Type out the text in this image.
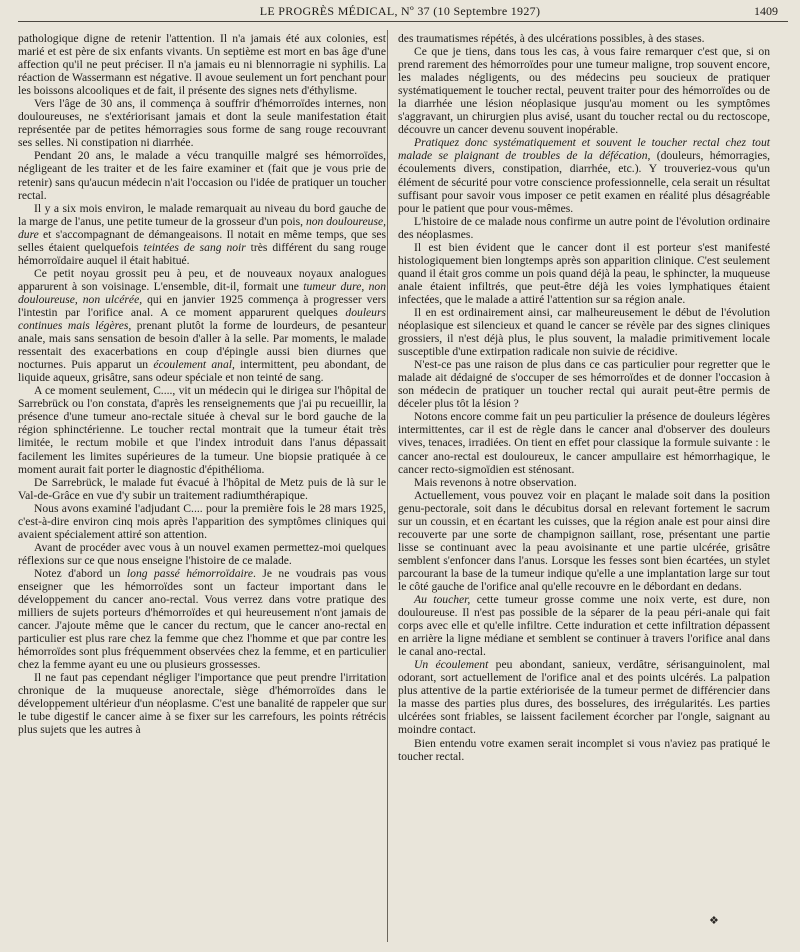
LE PROGRÈS MÉDICAL, Nº 37 (10 Septembre 1927)	1409

pathologique digne de retenir l'attention. Il n'a jamais été aux colonies, est marié et est père de six enfants vivants. Un septième est mort en bas âge d'une affection qu'il ne peut préciser. Il n'a jamais eu ni blennorragie ni syphilis. La réaction de Wassermann est négative. Il avoue seulement un fort penchant pour les boissons alcooliques et de fait, il présente des signes nets d'éthylisme.

Vers l'âge de 30 ans, il commença à souffrir d'hémorroïdes internes, non douloureuses, ne s'extériorisant jamais et dont la seule manifestation était représentée par de petites hémorragies sous forme de sang rouge recouvrant ses selles. Ni constipation ni diarrhée.

Pendant 20 ans, le malade a vécu tranquille malgré ses hémorroïdes, négligeant de les traiter et de les faire examiner et (fait que je vous prie de retenir) sans qu'aucun médecin n'ait l'occasion ou l'idée de pratiquer un toucher rectal.

Il y a six mois environ, le malade remarquait au niveau du bord gauche de la marge de l'anus, une petite tumeur de la grosseur d'un pois, non douloureuse, dure et s'accompagnant de démangeaisons. Il notait en même temps, que ses selles étaient quelquefois teintées de sang noir très différent du sang rouge hémorroïdaire auquel il était habitué.

Ce petit noyau grossit peu à peu, et de nouveaux noyaux analogues apparurent à son voisinage. L'ensemble, dit-il, formait une tumeur dure, non douloureuse, non ulcérée, qui en janvier 1925 commença à progresser vers l'intestin par l'orifice anal. A ce moment apparurent quelques douleurs continues mais légères, prenant plutôt la forme de lourdeurs, de pesanteur anale, mais sans sensation de besoin d'aller à la selle. Par moments, le malade ressentait des exacerbations en coup d'épingle aussi bien diurnes que nocturnes. Puis apparut un écoulement anal, intermittent, peu abondant, de liquide aqueux, grisâtre, sans odeur spéciale et non teinté de sang.

A ce moment seulement, C...., vit un médecin qui le dirigea sur l'hôpital de Sarrebrück ou l'on constata, d'après les renseignements que j'ai pu recueillir, la présence d'une tumeur ano-rectale située à cheval sur le bord gauche de la région sphinctérienne. Le toucher rectal montrait que la tumeur était très limitée, le rectum mobile et que l'index introduit dans l'anus dépassait facilement les limites supérieures de la tumeur. Une biopsie pratiquée à ce moment aurait fait porter le diagnostic d'épithélioma.

De Sarrebrück, le malade fut évacué à l'hôpital de Metz puis de là sur le Val-de-Grâce en vue d'y subir un traitement radiumthérapique.

Nous avons examiné l'adjudant C.... pour la première fois le 28 mars 1925, c'est-à-dire environ cinq mois après l'apparition des symptômes cliniques qui avaient spécialement attiré son attention.

Avant de procéder avec vous à un nouvel examen permettez-moi quelques réflexions sur ce que nous enseigne l'histoire de ce malade.

Notez d'abord un long passé hémorroïdaire. Je ne voudrais pas vous enseigner que les hémorroïdes sont un facteur important dans le développement du cancer ano-rectal. Vous verrez dans votre pratique des milliers de sujets porteurs d'hémorroïdes et qui heureusement n'ont jamais de cancer. J'ajoute même que le cancer du rectum, que le cancer ano-rectal en particulier est plus rare chez la femme que chez l'homme et que par contre les hémorroïdes sont plus fréquemment observées chez la femme, et en particulier chez la femme ayant eu une ou plusieurs grossesses.

Il ne faut pas cependant négliger l'importance que peut prendre l'irritation chronique de la muqueuse anorectale, siège d'hémorroïdes dans le développement ultérieur d'un néoplasme. C'est une banalité de rappeler que sur le tube digestif le cancer aime à se fixer sur les carrefours, les points rétrécis plus sujets que les autres à

des traumatismes répétés, à des ulcérations possibles, à des stases.

Ce que je tiens, dans tous les cas, à vous faire remarquer c'est que, si on prend rarement des hémorroïdes pour une tumeur maligne, trop souvent encore, les malades négligents, ou des médecins peu soucieux de pratiquer systématiquement le toucher rectal, peuvent traiter pour des hémorroïdes ou de la diarrhée une lésion néoplasique jusqu'au moment ou les symptômes s'aggravant, un chirurgien plus avisé, usant du toucher rectal ou du rectoscope, découvre un cancer devenu souvent inopérable.

Pratiquez donc systématiquement et souvent le toucher rectal chez tout malade se plaignant de troubles de la défécation, (douleurs, hémorragies, écoulements divers, constipation, diarrhée, etc.). Y trouveriez-vous qu'un élément de sécurité pour votre conscience professionnelle, cela serait un résultat suffisant pour savoir vous imposer ce petit examen en réalité plus désagréable pour le patient que pour vous-mêmes.

L'histoire de ce malade nous confirme un autre point de l'évolution ordinaire des néoplasmes.

Il est bien évident que le cancer dont il est porteur s'est manifesté histologiquement bien longtemps après son apparition clinique. C'est seulement quand il était gros comme un pois quand déjà la peau, le sphincter, la muqueuse anale étaient infiltrés, que peut-être déjà les voies lymphatiques étaient infectées, que le malade a attiré l'attention sur sa région anale.

Il en est ordinairement ainsi, car malheureusement le début de l'évolution néoplasique est silencieux et quand le cancer se révèle par des signes cliniques grossiers, il n'est déjà plus, le plus souvent, la maladie primitivement locale susceptible d'une extirpation radicale non suivie de récidive.

N'est-ce pas une raison de plus dans ce cas particulier pour regretter que le malade ait dédaigné de s'occuper de ses hémorroïdes et de donner l'occasion à son médecin de pratiquer un toucher rectal qui aurait peut-être permis de déceler plus tôt la lésion ?

Notons encore comme fait un peu particulier la présence de douleurs légères intermittentes, car il est de règle dans le cancer anal d'observer des douleurs vives, tenaces, irradiées. On tient en effet pour classique la formule suivante : le cancer ano-rectal est douloureux, le cancer ampullaire est hémorrhagique, le cancer recto-sigmoïdien est sténosant.

Mais revenons à notre observation.

Actuellement, vous pouvez voir en plaçant le malade soit dans la position genu-pectorale, soit dans le décubitus dorsal en relevant fortement le sacrum sur un coussin, et en écartant les cuisses, que la région anale est pour ainsi dire recouverte par une sorte de champignon saillant, rose, présentant une partie lisse se continuant avec la peau avoisinante et une partie ulcérée, grisâtre semblent s'enfoncer dans l'anus. Lorsque les fesses sont bien écartées, un stylet parcourant la base de la tumeur indique qu'elle a une implantation large sur tout le côté gauche de l'orifice anal qu'elle recouvre en le débordant en dedans.

Au toucher, cette tumeur grosse comme une noix verte, est dure, non douloureuse. Il n'est pas possible de la séparer de la peau péri-anale qui fait corps avec elle et qu'elle infiltre. Cette induration et cette infiltration dépassent en arrière la ligne médiane et semblent se continuer à travers l'orifice anal dans le canal ano-rectal.

Un écoulement peu abondant, sanieux, verdâtre, sérisanguinolent, mal odorant, sort actuellement de l'orifice anal et des points ulcérés. La palpation plus attentive de la partie extériorisée de la tumeur permet de différencier dans la masse des parties plus dures, des bosselures, des irrégularités. Les parties ulcérées sont friables, se laissent facilement écorcher par l'ongle, saignant au moindre contact.

Bien entendu votre examen serait incomplet si vous n'aviez pas pratiqué le toucher rectal.

❖
